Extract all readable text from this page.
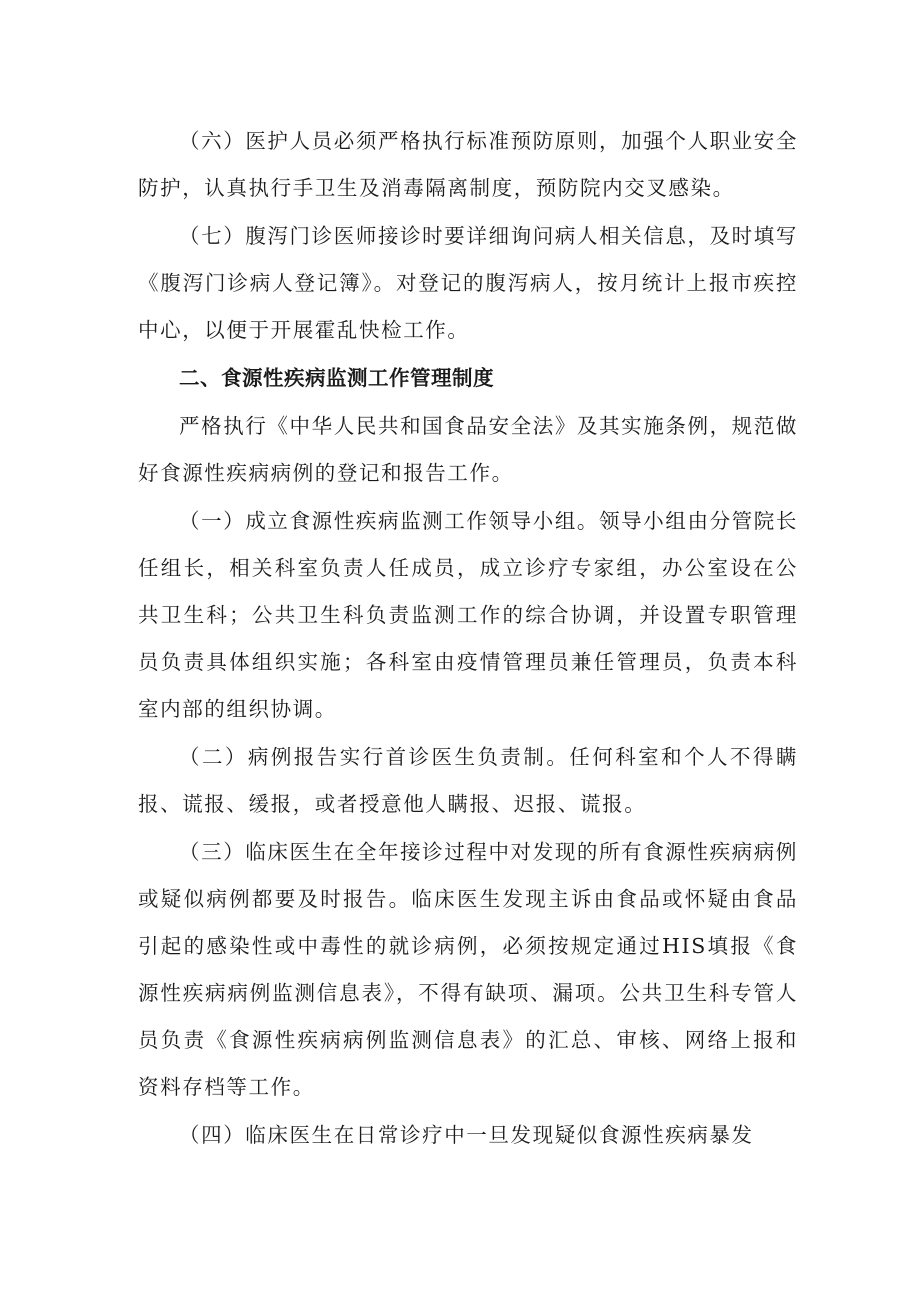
（六）医护人员必须严格执行标准预防原则，加强个人职业安全防护，认真执行手卫生及消毒隔离制度，预防院内交叉感染。

（七）腹泻门诊医师接诊时要详细询问病人相关信息，及时填写《腹泻门诊病人登记簿》。对登记的腹泻病人，按月统计上报市疾控中心，以便于开展霍乱快检工作。

二、食源性疾病监测工作管理制度

严格执行《中华人民共和国食品安全法》及其实施条例，规范做好食源性疾病病例的登记和报告工作。

（一）成立食源性疾病监测工作领导小组。领导小组由分管院长任组长，相关科室负责人任成员，成立诊疗专家组，办公室设在公共卫生科；公共卫生科负责监测工作的综合协调，并设置专职管理员负责具体组织实施；各科室由疫情管理员兼任管理员，负责本科室内部的组织协调。

（二）病例报告实行首诊医生负责制。任何科室和个人不得瞒报、谎报、缓报，或者授意他人瞒报、迟报、谎报。

（三）临床医生在全年接诊过程中对发现的所有食源性疾病病例或疑似病例都要及时报告。临床医生发现主诉由食品或怀疑由食品引起的感染性或中毒性的就诊病例，必须按规定通过HIS填报《食源性疾病病例监测信息表》，不得有缺项、漏项。公共卫生科专管人员负责《食源性疾病病例监测信息表》的汇总、审核、网络上报和资料存档等工作。

（四）临床医生在日常诊疗中一旦发现疑似食源性疾病暴发
